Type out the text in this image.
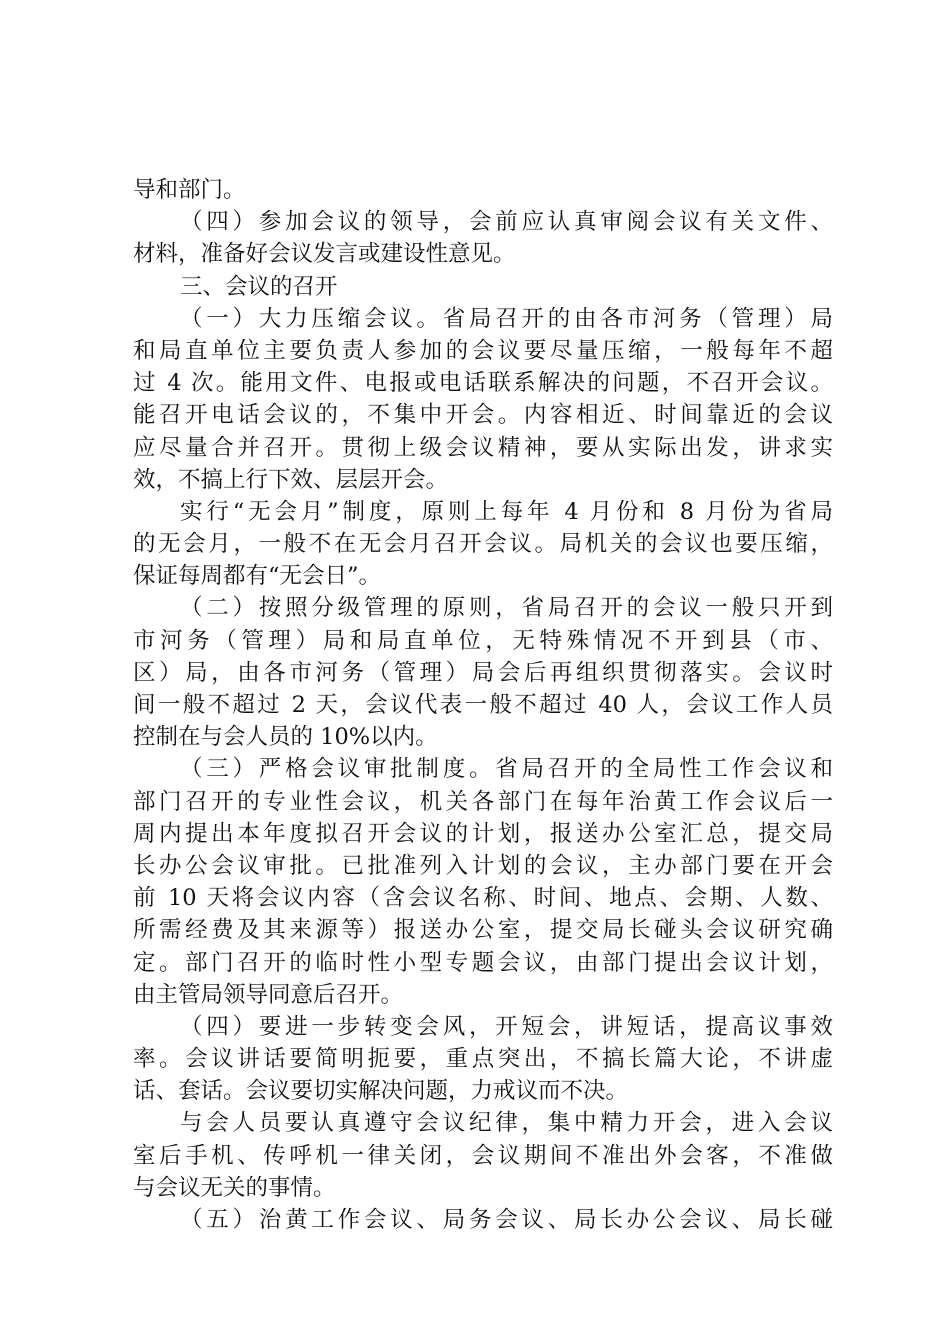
导和部门。
（四）参加会议的领导，会前应认真审阅会议有关文件、
材料，准备好会议发言或建设性意见。
三、会议的召开
（一）大力压缩会议。省局召开的由各市河务（管理）局
和局直单位主要负责人参加的会议要尽量压缩，一般每年不超
过 4 次。能用文件、电报或电话联系解决的问题，不召开会议。
能召开电话会议的，不集中开会。内容相近、时间靠近的会议
应尽量合并召开。贯彻上级会议精神，要从实际出发，讲求实
效，不搞上行下效、层层开会。
实行“无会月”制度，原则上每年 4 月份和 8 月份为省局
的无会月，一般不在无会月召开会议。局机关的会议也要压缩，
保证每周都有“无会日”。
（二）按照分级管理的原则，省局召开的会议一般只开到
市河务（管理）局和局直单位，无特殊情况不开到县（市、
区）局，由各市河务（管理）局会后再组织贯彻落实。会议时
间一般不超过 2 天，会议代表一般不超过 40 人，会议工作人员
控制在与会人员的 10%以内。
（三）严格会议审批制度。省局召开的全局性工作会议和
部门召开的专业性会议，机关各部门在每年治黄工作会议后一
周内提出本年度拟召开会议的计划，报送办公室汇总，提交局
长办公会议审批。已批准列入计划的会议，主办部门要在开会
前 10 天将会议内容（含会议名称、时间、地点、会期、人数、
所需经费及其来源等）报送办公室，提交局长碰头会议研究确
定。部门召开的临时性小型专题会议，由部门提出会议计划，
由主管局领导同意后召开。
（四）要进一步转变会风，开短会，讲短话，提高议事效
率。会议讲话要简明扼要，重点突出，不搞长篇大论，不讲虚
话、套话。会议要切实解决问题，力戒议而不决。
与会人员要认真遵守会议纪律，集中精力开会，进入会议
室后手机、传呼机一律关闭，会议期间不准出外会客，不准做
与会议无关的事情。
（五）治黄工作会议、局务会议、局长办公会议、局长碰
